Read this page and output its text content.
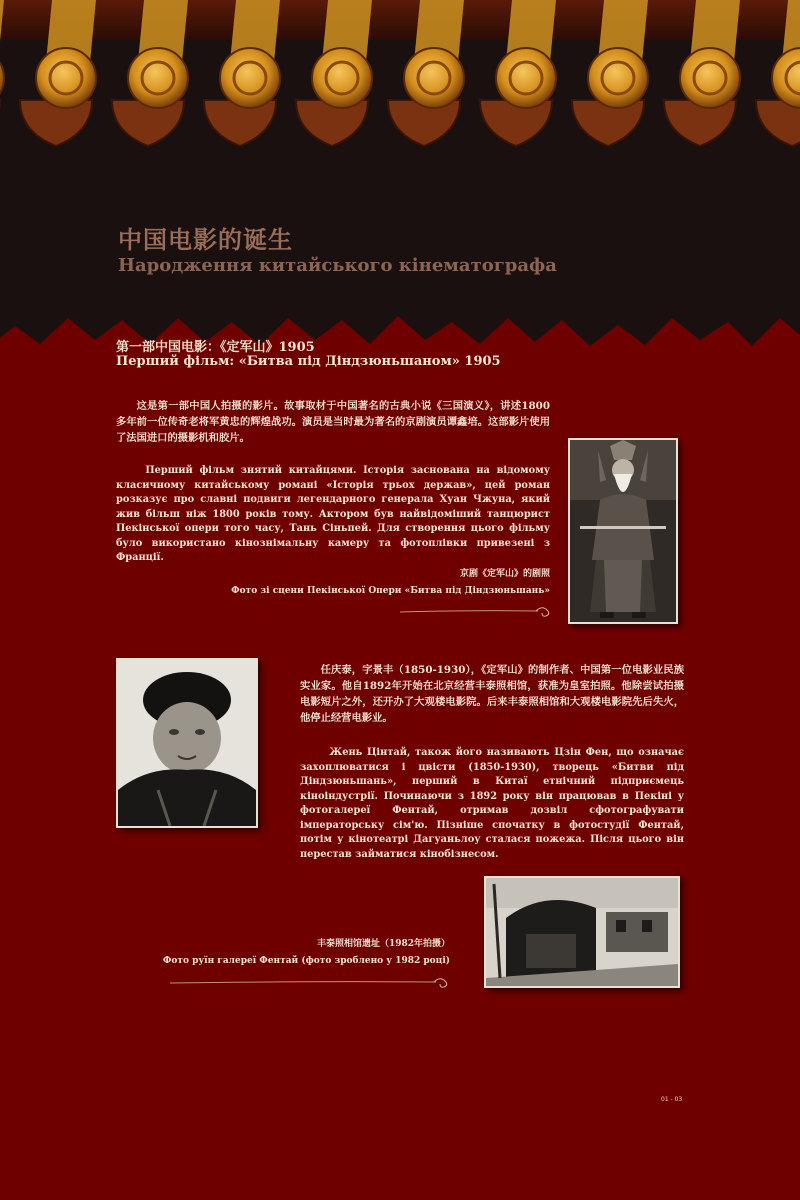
中国电影的诞生
Народження китайського кінематографа
第一部中国电影：《定军山》1905
Перший фільм: «Битва під Діндзюньшаном» 1905

这是第一部中国人拍摄的影片。故事取材于中国著名的古典小说《三国演义》，讲述1800多年前一位传奇老将军黄忠的辉煌战功。演员是当时最为著名的京剧演员谭鑫培。这部影片使用了法国进口的摄影机和胶片。

Перший фільм знятий китайцями. Історія заснована на відомому класичному китайському романі «Історія трьох держав», цей роман розказує про славні подвиги легендарного генерала Хуан Чжуна, який жив більш ніж 1800 років тому. Актором був найвідоміший танцюрист Пекінської опери того часу, Тань Сіньпей. Для створення цього фільму було використано кінознімальну камеру та фотоплівки привезені з Франції.

京剧《定军山》的剧照
Фото зі сцени Пекінської Опери «Битва під Діндзюньшань»

任庆泰，字景丰（1850-1930），《定军山》的制作者、中国第一位电影业民族实业家。他自1892年开始在北京经营丰泰照相馆，获准为皇室拍照。他除尝试拍摄电影短片之外，还开办了大观楼电影院。后来丰泰照相馆和大观楼电影院先后失火，他停止经营电影业。

Жень Цінтай, також його називають Цзін Фен, що означає захоплюватися і цвісти (1850-1930), творець «Битви під Діндзюньшань», перший в Китаї етнічний підприємець кіноіндустрії. Починаючи з 1892 року він працював в Пекіні у фотогалереї Фентай, отримав дозвіл сфотографувати імператорську сім'ю. Пізніше спочатку в фотостудії Фентай, потім у кінотеатрі Дагуаньлоу сталася пожежа. Після цього він перестав займатися кінобізнесом.

丰泰照相馆遗址（1982年拍摄）
Фото руїн галереї Фентай (фото зроблено у 1982 році)
01 - 03
